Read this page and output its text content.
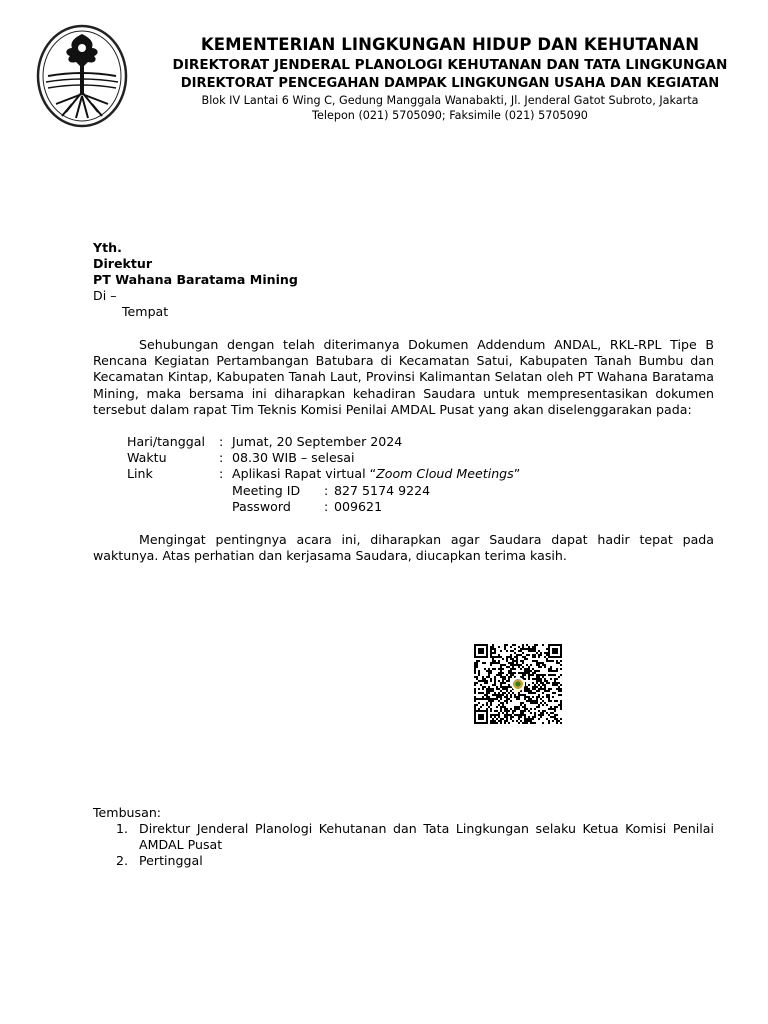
KEMENTERIAN LINGKUNGAN HIDUP DAN KEHUTANAN
DIREKTORAT JENDERAL PLANOLOGI KEHUTANAN DAN TATA LINGKUNGAN
DIREKTORAT PENCEGAHAN DAMPAK LINGKUNGAN USAHA DAN KEGIATAN
Blok IV Lantai 6 Wing C, Gedung Manggala Wanabakti, Jl. Jenderal Gatot Subroto, Jakarta
Telepon (021) 5705090; Faksimile (021) 5705090
Yth.
Direktur
PT Wahana Baratama Mining
Di –
Tempat
Sehubungan dengan telah diterimanya Dokumen Addendum ANDAL, RKL-RPL Tipe B Rencana Kegiatan Pertambangan Batubara di Kecamatan Satui, Kabupaten Tanah Bumbu dan Kecamatan Kintap, Kabupaten Tanah Laut, Provinsi Kalimantan Selatan oleh PT Wahana Baratama Mining, maka bersama ini diharapkan kehadiran Saudara untuk mempresentasikan dokumen tersebut dalam rapat Tim Teknis Komisi Penilai AMDAL Pusat yang akan diselenggarakan pada:
Hari/tanggal : Jumat, 20 September 2024
Waktu	: 08.30 WIB – selesai
Link	: Aplikasi Rapat virtual “Zoom Cloud Meetings”
Meeting ID : 827 5174 9224
Password	: 009621
Mengingat pentingnya acara ini, diharapkan agar Saudara dapat hadir tepat pada waktunya. Atas perhatian dan kerjasama Saudara, diucapkan terima kasih.
Tembusan:
1. Direktur Jenderal Planologi Kehutanan dan Tata Lingkungan selaku Ketua Komisi Penilai AMDAL Pusat
2. Pertinggal
